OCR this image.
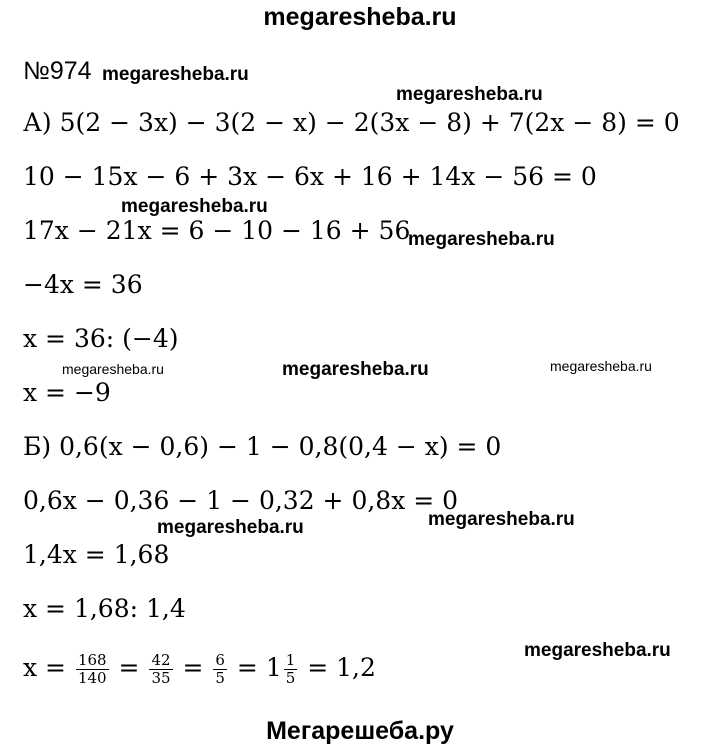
megaresheba.ru
№974
А) 5(2 − 3x) − 3(2 − x) − 2(3x − 8) + 7(2x − 8) = 0
10 − 15x − 6 + 3x − 6x + 16 + 14x − 56 = 0
17x − 21x = 6 − 10 − 16 + 56
−4x = 36
x = 36: (−4)
x = −9
Б) 0,6(x − 0,6) − 1 − 0,8(0,4 − x) = 0
0,6x − 0,36 − 1 − 0,32 + 0,8x = 0
1,4x = 1,68
x = 1,68: 1,4
$x = \frac{168}{140} = \frac{42}{35} = \frac{6}{5} = 1 \frac{1}{5} = 1,2$
megaresheba.ru
megaresheba.ru
megaresheba.ru
megaresheba.ru
megaresheba.ru	megaresheba.ru	megaresheba.ru
megaresheba.ru	megaresheba.ru
megaresheba.ru
Мегарешеба.ру
